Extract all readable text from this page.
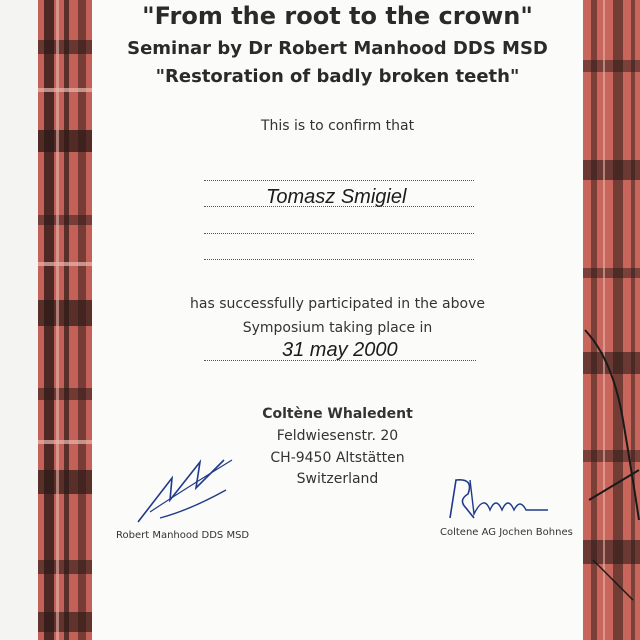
"From the root to the crown"

Seminar by Dr Robert Manhood DDS MSD

"Restoration of badly broken teeth"

This is to confirm that

Tomasz Smigiel

has successfully participated in the above

Symposium taking place in

31 may 2000

Coltène Whaledent

Feldwiesenstr. 20

CH-9450 Altstätten

Switzerland

Robert Manhood DDS MSD	Coltene AG Jochen Bohnes
